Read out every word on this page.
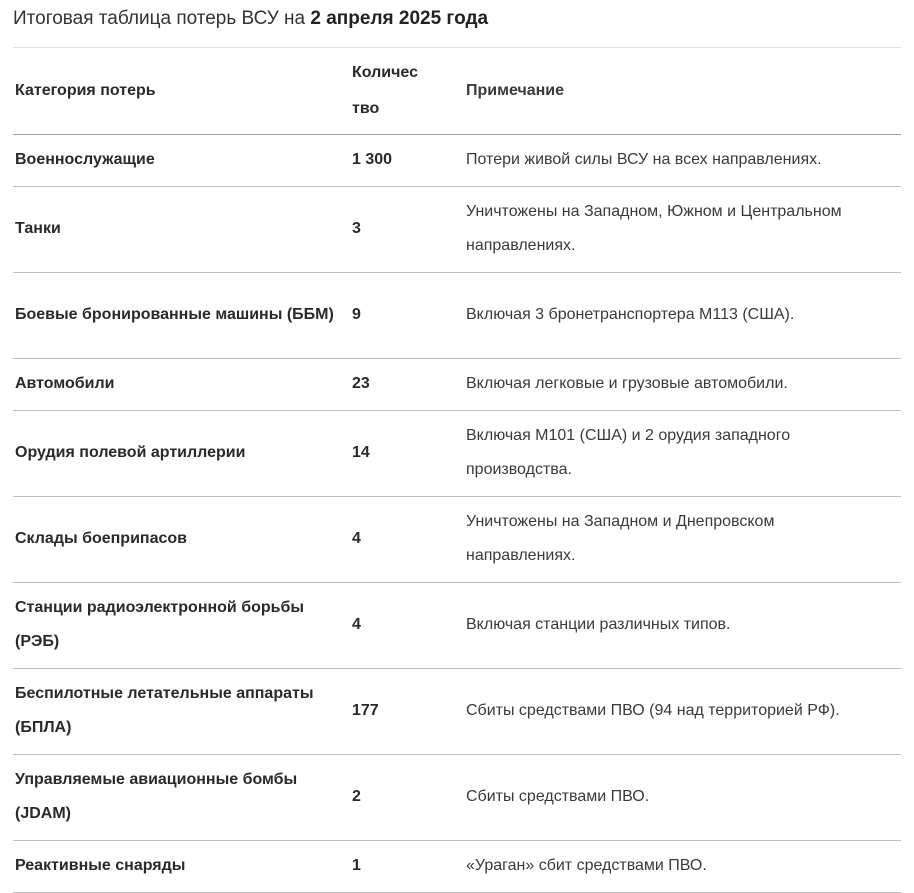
Итоговая таблица потерь ВСУ на 2 апреля 2025 года
Категория потерь	Количес тво	Примечание
Военнослужащие	1 300	Потери живой силы ВСУ на всех направлениях.
Танки	3	Уничтожены на Западном, Южном и Центральном направлениях.
Боевые бронированные машины (ББМ)	9	Включая 3 бронетранспортера M113 (США).
Автомобили	23	Включая легковые и грузовые автомобили.
Орудия полевой артиллерии	14	Включая M101 (США) и 2 орудия западного производства.
Склады боеприпасов	4	Уничтожены на Западном и Днепровском направлениях.
Станции радиоэлектронной борьбы (РЭБ)	4	Включая станции различных типов.
Беспилотные летательные аппараты (БПЛА)	177	Сбиты средствами ПВО (94 над территорией РФ).
Управляемые авиационные бомбы (JDAM)	2	Сбиты средствами ПВО.
Реактивные снаряды	1	«Ураган» сбит средствами ПВО.
